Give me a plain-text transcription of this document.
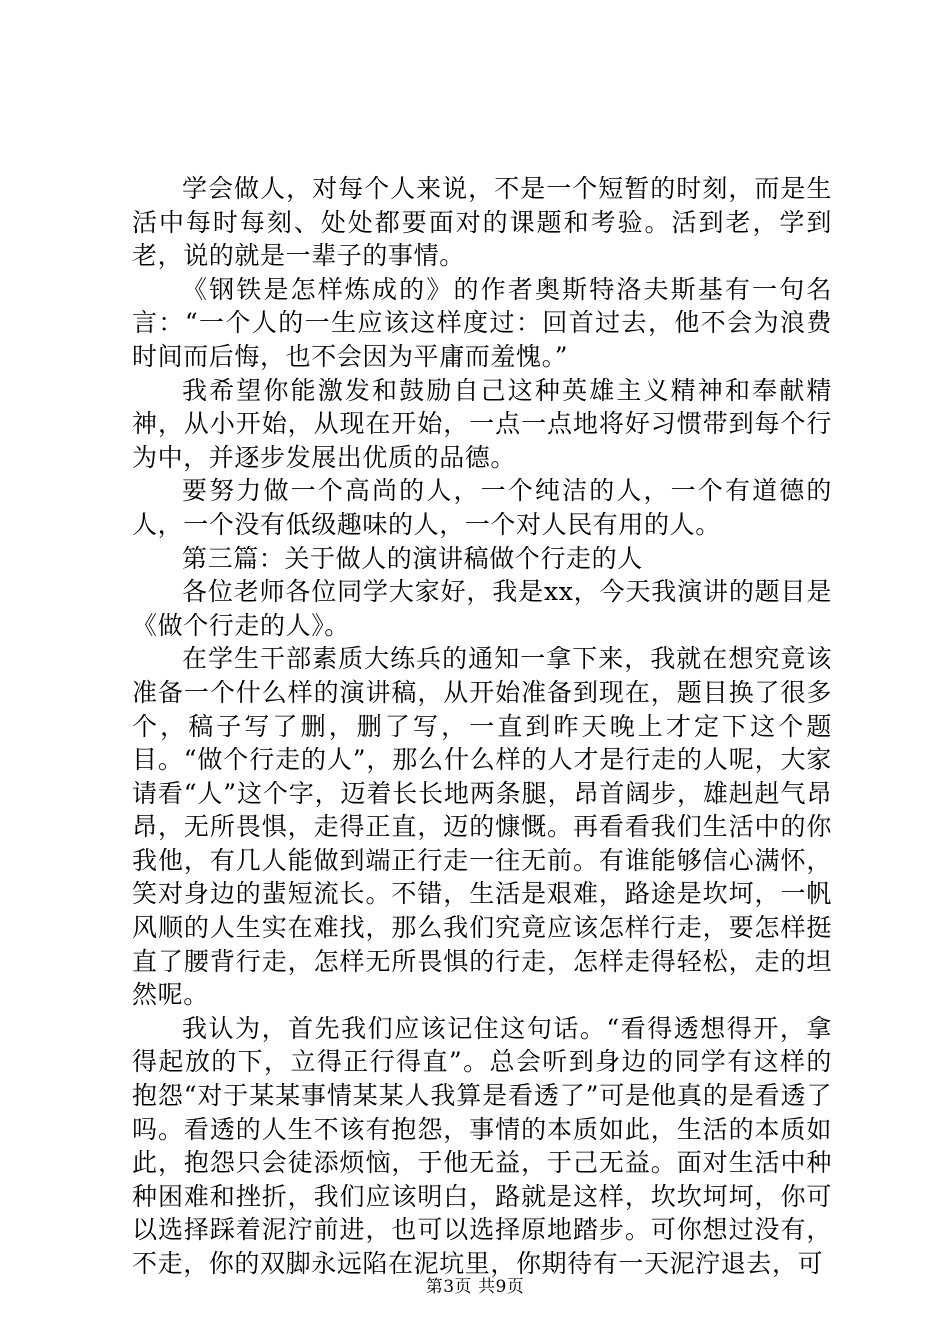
学会做人，对每个人来说，不是一个短暂的时刻，而是生活中每时每刻、处处都要面对的课题和考验。活到老，学到老，说的就是一辈子的事情。

《钢铁是怎样炼成的》的作者奥斯特洛夫斯基有一句名言：“一个人的一生应该这样度过：回首过去，他不会为浪费时间而后悔，也不会因为平庸而羞愧。”

我希望你能激发和鼓励自己这种英雄主义精神和奉献精神，从小开始，从现在开始，一点一点地将好习惯带到每个行为中，并逐步发展出优质的品德。

要努力做一个高尚的人，一个纯洁的人，一个有道德的人，一个没有低级趣味的人，一个对人民有用的人。

第三篇：关于做人的演讲稿做个行走的人

各位老师各位同学大家好，我是xx，今天我演讲的题目是《做个行走的人》。

在学生干部素质大练兵的通知一拿下来，我就在想究竟该准备一个什么样的演讲稿，从开始准备到现在，题目换了很多个，稿子写了删，删了写，一直到昨天晚上才定下这个题目。“做个行走的人”，那么什么样的人才是行走的人呢，大家请看“人”这个字，迈着长长地两条腿，昂首阔步，雄赳赳气昂昂，无所畏惧，走得正直，迈的慷慨。再看看我们生活中的你我他，有几人能做到端正行走一往无前。有谁能够信心满怀，笑对身边的蜚短流长。不错，生活是艰难，路途是坎坷，一帆风顺的人生实在难找，那么我们究竟应该怎样行走，要怎样挺直了腰背行走，怎样无所畏惧的行走，怎样走得轻松，走的坦然呢。

我认为，首先我们应该记住这句话。“看得透想得开，拿得起放的下，立得正行得直”。总会听到身边的同学有这样的抱怨“对于某某事情某某人我算是看透了”可是他真的是看透了吗。看透的人生不该有抱怨，事情的本质如此，生活的本质如此，抱怨只会徒添烦恼，于他无益，于己无益。面对生活中种种困难和挫折，我们应该明白，路就是这样，坎坎坷坷，你可以选择踩着泥泞前进，也可以选择原地踏步。可你想过没有，不走，你的双脚永远陷在泥坑里，你期待有一天泥泞退去，可

第3页 共9页
